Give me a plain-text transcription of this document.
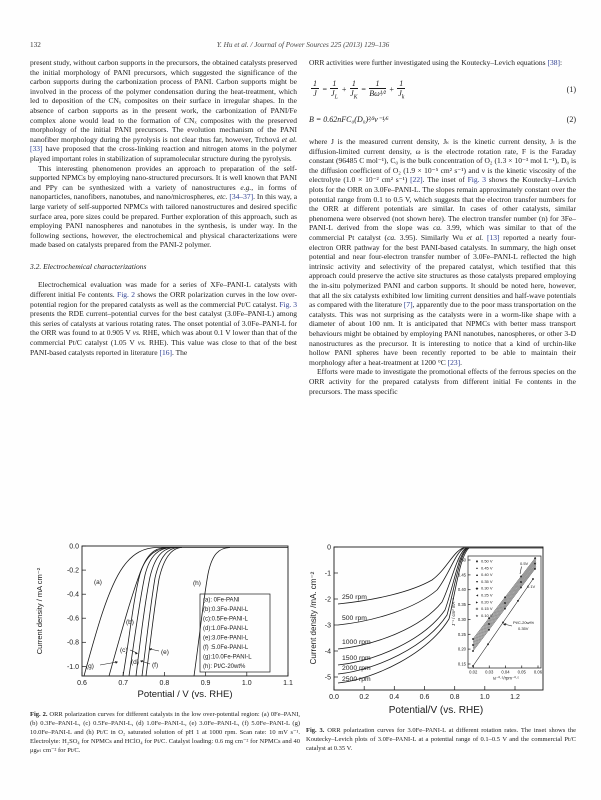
132	Y. Hu et al. / Journal of Power Sources 225 (2013) 129–136

present study, without carbon supports in the precursors, the obtained catalysts preserved the initial morphology of PANI precursors, which suggested the significance of the carbon supports during the carbonization process of PANI. Carbon supports might be involved in the process of the polymer condensation during the heat-treatment, which led to deposition of the CNₓ composites on their surface in irregular shapes. In the absence of carbon supports as in the present work, the carbonization of PANI/Fe complex alone would lead to the formation of CNₓ composites with the preserved morphology of the initial PANI precursors. The evolution mechanism of the PANI nanofiber morphology during the pyrolysis is not clear thus far, however, Trchová et al. [33] have proposed that the cross-linking reaction and nitrogen atoms in the polymer played important roles in stabilization of supramolecular structure during the pyrolysis.

This interesting phenomenon provides an approach to preparation of the self-supported NPMCs by employing nano-structured precursors. It is well known that PANI and PPy can be synthesized with a variety of nanostructures e.g., in forms of nanoparticles, nanofibers, nanotubes, and nano/microspheres, etc. [34–37]. In this way, a large variety of self-supported NPMCs with tailored nanostructures and desired specific surface area, pore sizes could be prepared. Further exploration of this approach, such as employing PANI nanospheres and nanotubes in the synthesis, is under way. In the following sections, however, the electrochemical and physical characterizations were made based on catalysts prepared from the PANI-2 polymer.

3.2. Electrochemical characterizations

Electrochemical evaluation was made for a series of XFe–PANI-L catalysts with different initial Fe contents. Fig. 2 shows the ORR polarization curves in the low over-potential region for the prepared catalysts as well as the commercial Pt/C catalyst. Fig. 3 presents the RDE current–potential curves for the best catalyst (3.0Fe–PANI-L) among this series of catalysts at various rotating rates. The onset potential of 3.0Fe–PANI-L for the ORR was found to at 0.905 V vs. RHE, which was about 0.1 V lower than that of the commercial Pt/C catalyst (1.05 V vs. RHE). This value was close to that of the best PANI-based catalysts reported in literature [16]. The

ORR activities were further investigated using the Koutecky–Levich equations [38]:

$\frac{1}{J} = \frac{1}{J_L} + \frac{1}{J_K} = \frac{1}{\text{Bω¹⁄²}} + \frac{1}{J_k}$	(1)
B = 0.62nFC₀(D₀)²⁄³ν⁻¹⁄⁶	(2)

where J is the measured current density, Jₖ is the kinetic current density, Jₗ is the diffusion-limited current density, ω is the electrode rotation rate, F is the Faraday constant (96485 C mol⁻¹), C₀ is the bulk concentration of O₂ (1.3 × 10⁻³ mol L⁻¹), D₀ is the diffusion coefficient of O₂ (1.9 × 10⁻⁵ cm² s⁻¹) and ν is the kinetic viscosity of the electrolyte (1.0 × 10⁻² cm² s⁻¹) [22]. The inset of Fig. 3 shows the Koutecky–Levich plots for the ORR on 3.0Fe–PANI-L. The slopes remain approximately constant over the potential range from 0.1 to 0.5 V, which suggests that the electron transfer numbers for the ORR at different potentials are similar. In cases of other catalysts, similar phenomena were observed (not shown here). The electron transfer number (n) for 3Fe–PANI-L derived from the slope was ca. 3.99, which was similar to that of the commercial Pt catalyst (ca. 3.95). Similarly Wu et al. [13] reported a nearly four-electron ORR pathway for the best PANI-based catalysts. In summary, the high onset potential and near four-electron transfer number of 3.0Fe–PANI-L reflected the high intrinsic activity and selectivity of the prepared catalyst, which testified that this approach could preserve the active site structures as those catalysts prepared employing the in-situ polymerized PANI and carbon supports. It should be noted here, however, that all the six catalysts exhibited low limiting current densities and half-wave potentials as compared with the literature [7], apparently due to the poor mass transportation on the catalysts. This was not surprising as the catalysts were in a worm-like shape with a diameter of about 100 nm. It is anticipated that NPMCs with better mass transport behaviours might be obtained by employing PANI nanotubes, nanospheres, or other 3-D nanostructures as the precursor. It is interesting to notice that a kind of urchin-like hollow PANI spheres have been recently reported to be able to maintain their morphology after a heat-treatment at 1200 °C [23].

Efforts were made to investigate the promotional effects of the ferrous species on the ORR activity for the prepared catalysts from different initial Fe contents in the precursors. The mass specific

0.0
-0.2
-0.4
-0.6
-0.8
-1.0
0.6	0.7	0.8	0.9	1.0	1.1
(a)
(b)
(c)
(d)
(e)
(f)
(g)
(h)
(a): 0Fe-PANI
(b):0.3Fe-PANI-L
(c):0.5Fe-PANI-L
(d):1.0Fe-PANI-L
(e):3.0Fe-PANI-L
(f) :5.0Fe-PANI-L
(g):10.0Fe-PANI-L
(h): Pt/C-20wt%
Current density / mA cm⁻²
Potential / V (vs. RHE)
Fig. 2. ORR polarization curves for different catalysts in the low over-potential region: (a) 0Fe–PANI, (b) 0.3Fe–PANI-L, (c) 0.5Fe–PANI-L, (d) 1.0Fe–PANI-L, (e) 3.0Fe–PANI-L, (f) 5.0Fe–PANI-L (g) 10.0Fe–PANI-L and (h) Pt/C in O₂ saturated solution of pH 1 at 1000 rpm. Scan rate: 10 mV s⁻¹. Electrolyte: H₂SO₄ for NPMCs and HClO₄ for Pt/C. Catalyst loading: 0.6 mg cm⁻² for NPMCs and 40 μgₚₜ cm⁻² for Pt/C.
0
-1
-2
-3
-4
-5
0.0	0.2	0.4	0.6	0.8	1.0	1.2
250 rpm
500 rpm
1000 rpm
1500 rpm
2000 rpm
2500 rpm
0.50
0.45
0.40
0.35
0.30
0.25
0.20
0.15
0.02 0.03 0.04 0.05 0.06
ω⁻⁰·⁵/rpm⁻⁰·⁵
J⁻¹ / cm² mA⁻¹
■
●
▲
▼
◆
◄
►
⊕
★
0.50 V
0.45 V
0.40 V
0.35 V
0.30 V
0.25 V
0.20 V
0.15 V
0.10 V
0.5V
0.1V
Pt/C-20wt%
0.35V
Current density /mA. cm⁻²
Potential/V (vs. RHE)
Fig. 3. ORR polarization curves for 3.0Fe–PANI-L at different rotation rates. The inset shows the Koutecky–Levich plots of 3.0Fe–PANI-L at a potential range of 0.1–0.5 V and the commercial Pt/C catalyst at 0.35 V.
